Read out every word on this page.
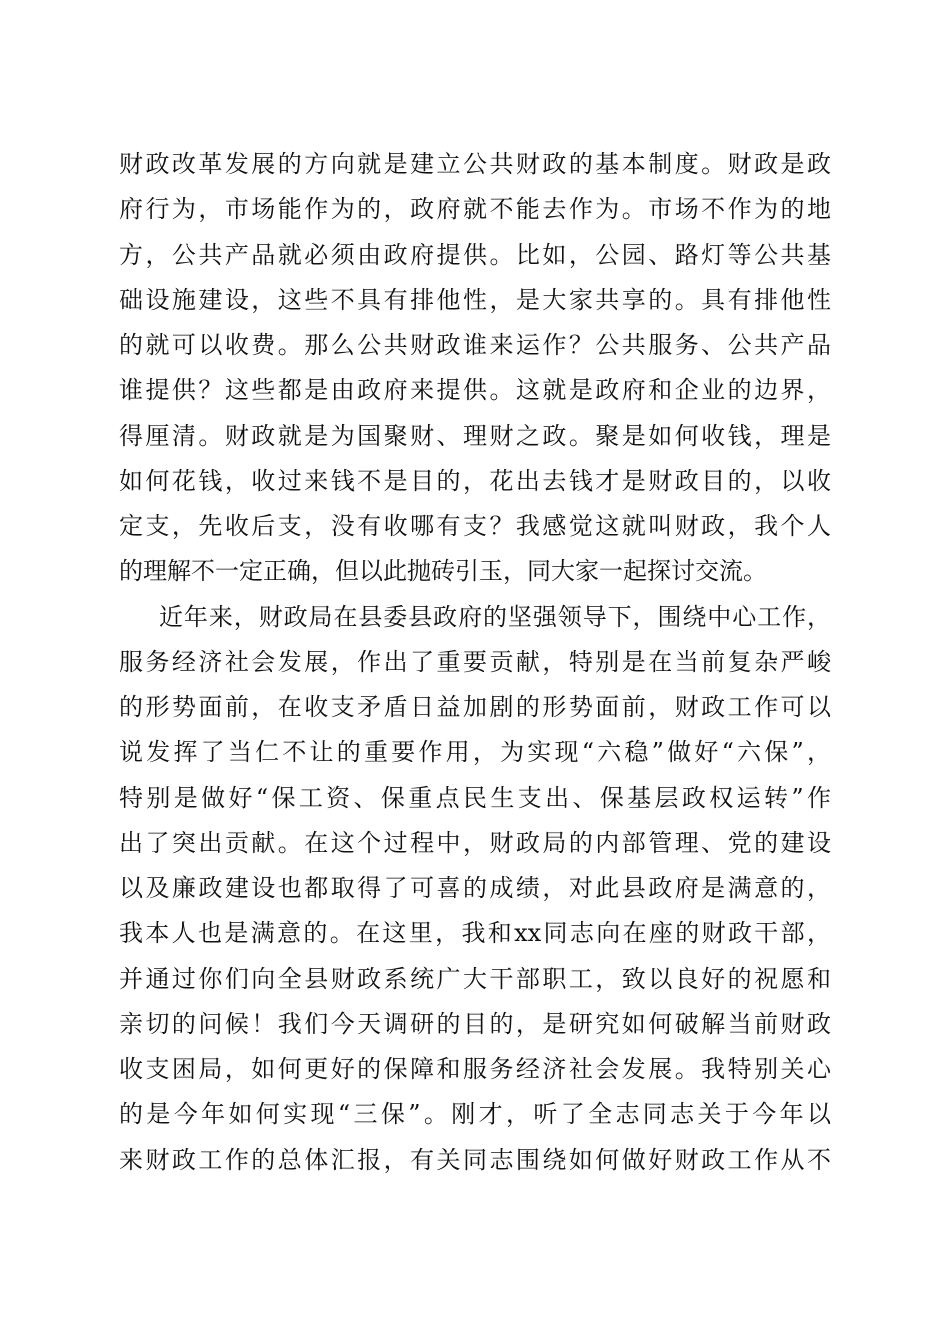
财政改革发展的方向就是建立公共财政的基本制度。财政是政
府行为，市场能作为的，政府就不能去作为。市场不作为的地
方，公共产品就必须由政府提供。比如，公园、路灯等公共基
础设施建设，这些不具有排他性，是大家共享的。具有排他性
的就可以收费。那么公共财政谁来运作？公共服务、公共产品
谁提供？这些都是由政府来提供。这就是政府和企业的边界，
得厘清。财政就是为国聚财、理财之政。聚是如何收钱，理是
如何花钱，收过来钱不是目的，花出去钱才是财政目的，以收
定支，先收后支，没有收哪有支？我感觉这就叫财政，我个人
的理解不一定正确，但以此抛砖引玉，同大家一起探讨交流。
近年来，财政局在县委县政府的坚强领导下，围绕中心工作，
服务经济社会发展，作出了重要贡献，特别是在当前复杂严峻
的形势面前，在收支矛盾日益加剧的形势面前，财政工作可以
说发挥了当仁不让的重要作用，为实现“六稳”做好“六保”，
特别是做好“保工资、保重点民生支出、保基层政权运转”作
出了突出贡献。在这个过程中，财政局的内部管理、党的建设
以及廉政建设也都取得了可喜的成绩，对此县政府是满意的，
我本人也是满意的。在这里，我和xx同志向在座的财政干部，
并通过你们向全县财政系统广大干部职工，致以良好的祝愿和
亲切的问候！我们今天调研的目的，是研究如何破解当前财政
收支困局，如何更好的保障和服务经济社会发展。我特别关心
的是今年如何实现“三保”。刚才，听了全志同志关于今年以
来财政工作的总体汇报，有关同志围绕如何做好财政工作从不
